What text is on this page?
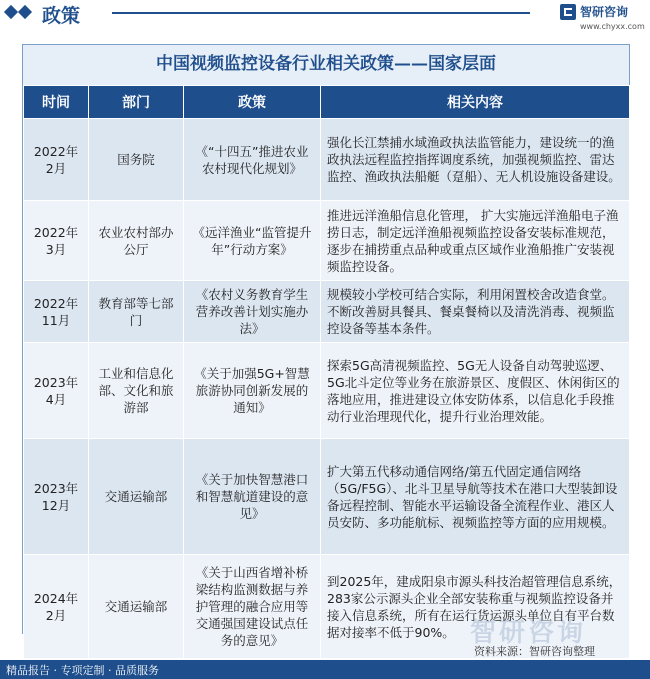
政策	智研咨询
www.chyxx.com
中国视频监控设备行业相关政策——国家层面
时间	部门	政策	相关内容
2022年
2月	国务院	《“十四五”推进农业农村现代化规划》	强化长江禁捕水域渔政执法监管能力，建设统一的渔政执法远程监控指挥调度系统，加强视频监控、雷达监控、渔政执法船艇（趸船）、无人机设施设备建设。
2022年
3月	农业农村部办公厅	《远洋渔业“监管提升年”行动方案》	推进远洋渔船信息化管理， 扩大实施远洋渔船电子渔捞日志，制定远洋渔船视频监控设备安装标准规范，逐步在捕捞重点品种或重点区域作业渔船推广安装视频监控设备。
2022年
11月	教育部等七部门	《农村义务教育学生营养改善计划实施办法》	规模较小学校可结合实际，利用闲置校舍改造食堂。不断改善厨具餐具、餐桌餐椅以及清洗消毒、视频监控设备等基本条件。
2023年
4月	工业和信息化部、文化和旅游部	《关于加强5G+智慧旅游协同创新发展的通知》	探索5G高清视频监控、5G无人设备自动驾驶巡逻、5G北斗定位等业务在旅游景区、度假区、休闲街区的落地应用，推进建设立体安防体系，以信息化手段推动行业治理现代化，提升行业治理效能。
2023年
12月	交通运输部	《关于加快智慧港口和智慧航道建设的意见》	扩大第五代移动通信网络/第五代固定通信网络（5G/F5G）、北斗卫星导航等技术在港口大型装卸设备远程控制、智能水平运输设备全流程作业、港区人员安防、多功能航标、视频监控等方面的应用规模。
2024年
2月	交通运输部	《关于山西省增补桥梁结构监测数据与养护管理的融合应用等交通强国建设试点任务的意见》	到2025年，建成阳泉市源头科技治超管理信息系统，283家公示源头企业全部安装称重与视频监控设备并接入信息系统，所有在运行货运源头单位自有平台数据对接率不低于90%。 智研咨询
资料来源：智研咨询整理
精品报告 · 专项定制 · 品质服务
